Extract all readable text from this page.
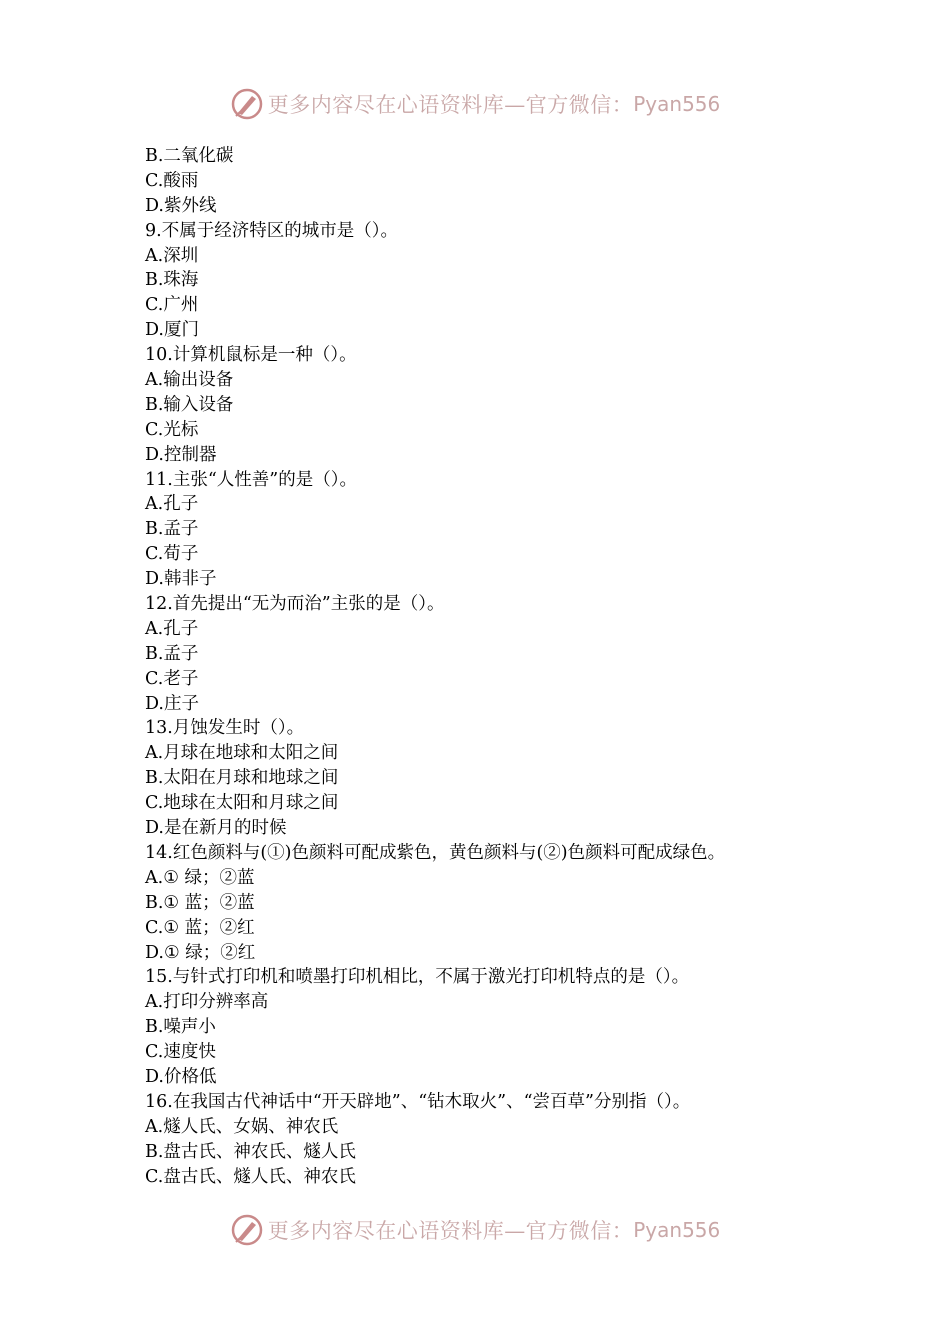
更多内容尽在心语资料库—官方微信： Pyan556
B.二氧化碳
C.酸雨
D.紫外线
9.不属于经济特区的城市是（）。
A.深圳
B.珠海
C.广州
D.厦门
10.计算机鼠标是一种（）。
A.输出设备
B.输入设备
C.光标
D.控制器
11.主张“人性善”的是（）。
A.孔子
B.孟子
C.荀子
D.韩非子
12.首先提出“无为而治”主张的是（）。
A.孔子
B.孟子
C.老子
D.庄子
13.月蚀发生时（）。
A.月球在地球和太阳之间
B.太阳在月球和地球之间
C.地球在太阳和月球之间
D.是在新月的时候
14.红色颜料与(①)色颜料可配成紫色，黄色颜料与(②)色颜料可配成绿色。
A.① 绿；②蓝
B.① 蓝；②蓝
C.① 蓝；②红
D.① 绿；②红
15.与针式打印机和喷墨打印机相比，不属于激光打印机特点的是（）。
A.打印分辨率高
B.噪声小
C.速度快
D.价格低
16.在我国古代神话中“开天辟地”、“钻木取火”、“尝百草”分别指（）。
A.燧人氏、女娲、神农氏
B.盘古氏、神农氏、燧人氏
C.盘古氏、燧人氏、神农氏
更多内容尽在心语资料库—官方微信： Pyan556
